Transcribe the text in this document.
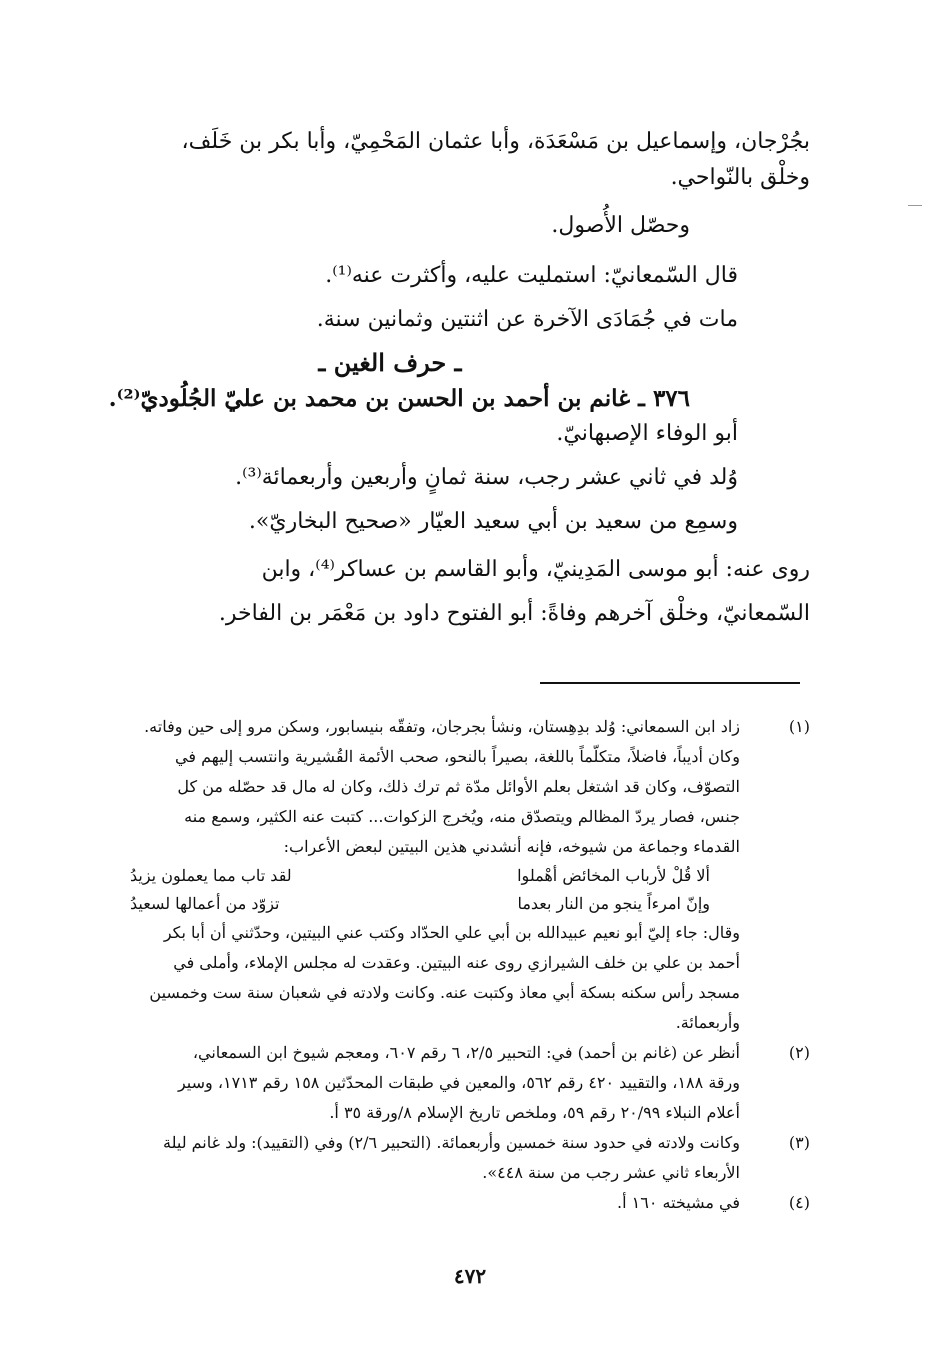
بجُرْجان، وإسماعيل بن مَسْعَدَة، وأبا عثمان المَحْمِيّ، وأبا بكر بن خَلَف،
وخلْق بالنّواحي.
وحصّل الأُصول.
قال السّمعانيّ: استمليت عليه، وأكثرت عنه⁽¹⁾.
مات في جُمَادَى الآخرة عن اثنتين وثمانين سنة.
ـ حرف الغين ـ
٣٧٦ ـ غانم بن أحمد بن الحسن بن محمد بن عليّ الجُلُوديّ⁽²⁾.
أبو الوفاء الإصبهانيّ.
وُلد في ثاني عشر رجب، سنة ثمانٍ وأربعين وأربعمائة⁽³⁾.
وسمِع من سعيد بن أبي سعيد العيّار «صحيح البخاريّ».
روى عنه: أبو موسى المَدِينيّ، وأبو القاسم بن عساكر⁽⁴⁾، وابن
السّمعانيّ، وخلْق آخرهم وفاةً: أبو الفتوح داود بن مَعْمَر بن الفاخر.
(١)
زاد ابن السمعاني: وُلد بدِهِستان، ونشأ بجرجان، وتفقّه بنيسابور، وسكن مرو إلى حين وفاته.
وكان أديباً، فاضلاً، متكلّماً باللغة، بصيراً بالنحو، صحب الأئمة القُشيرية وانتسب إليهم في
التصوّف، وكان قد اشتغل بعلم الأوائل مدّة ثم ترك ذلك، وكان له مال قد حصّله من كل
جنس، فصار يردّ المظالم ويتصدّق منه، ويُخرج الزكوات... كتبت عنه الكثير، وسمع منه
القدماء وجماعة من شيوخه، فإنه أنشدني هذين البيتين لبعض الأعراب:
ألا قُلْ لأرباب المخائض أهْملوا
لقد تاب مما يعملون يزيدُ
وإنّ امرءاً ينجو من النار بعدما
تزوّد من أعمالها لسعيدُ
وقال: جاء إليّ أبو نعيم عبيدالله بن أبي علي الحدّاد وكتب عني البيتين، وحدّثني أن أبا بكر
أحمد بن علي بن خلف الشيرازي روى عنه البيتين. وعقدت له مجلس الإملاء، وأملى في
مسجد رأس سكنه بسكة أبي معاذ وكتبت عنه. وكانت ولادته في شعبان سنة ست وخمسين
وأربعمائة.
(٢)
أنظر عن (غانم بن أحمد) في: التحبير ٢/٥، ٦ رقم ٦٠٧، ومعجم شيوخ ابن السمعاني،
ورقة ١٨٨، والتقييد ٤٢٠ رقم ٥٦٢، والمعين في طبقات المحدّثين ١٥٨ رقم ١٧١٣، وسير
أعلام النبلاء ٢٠/٩٩ رقم ٥٩، وملخص تاريخ الإسلام ٨/ورقة ٣٥ أ.
(٣)
وكانت ولادته في حدود سنة خمسين وأربعمائة. (التحبير ٢/٦) وفي (التقييد): ولد غانم ليلة
الأربعاء ثاني عشر رجب من سنة ٤٤٨».
(٤)
في مشيخته ١٦٠ أ.
٤٧٢
